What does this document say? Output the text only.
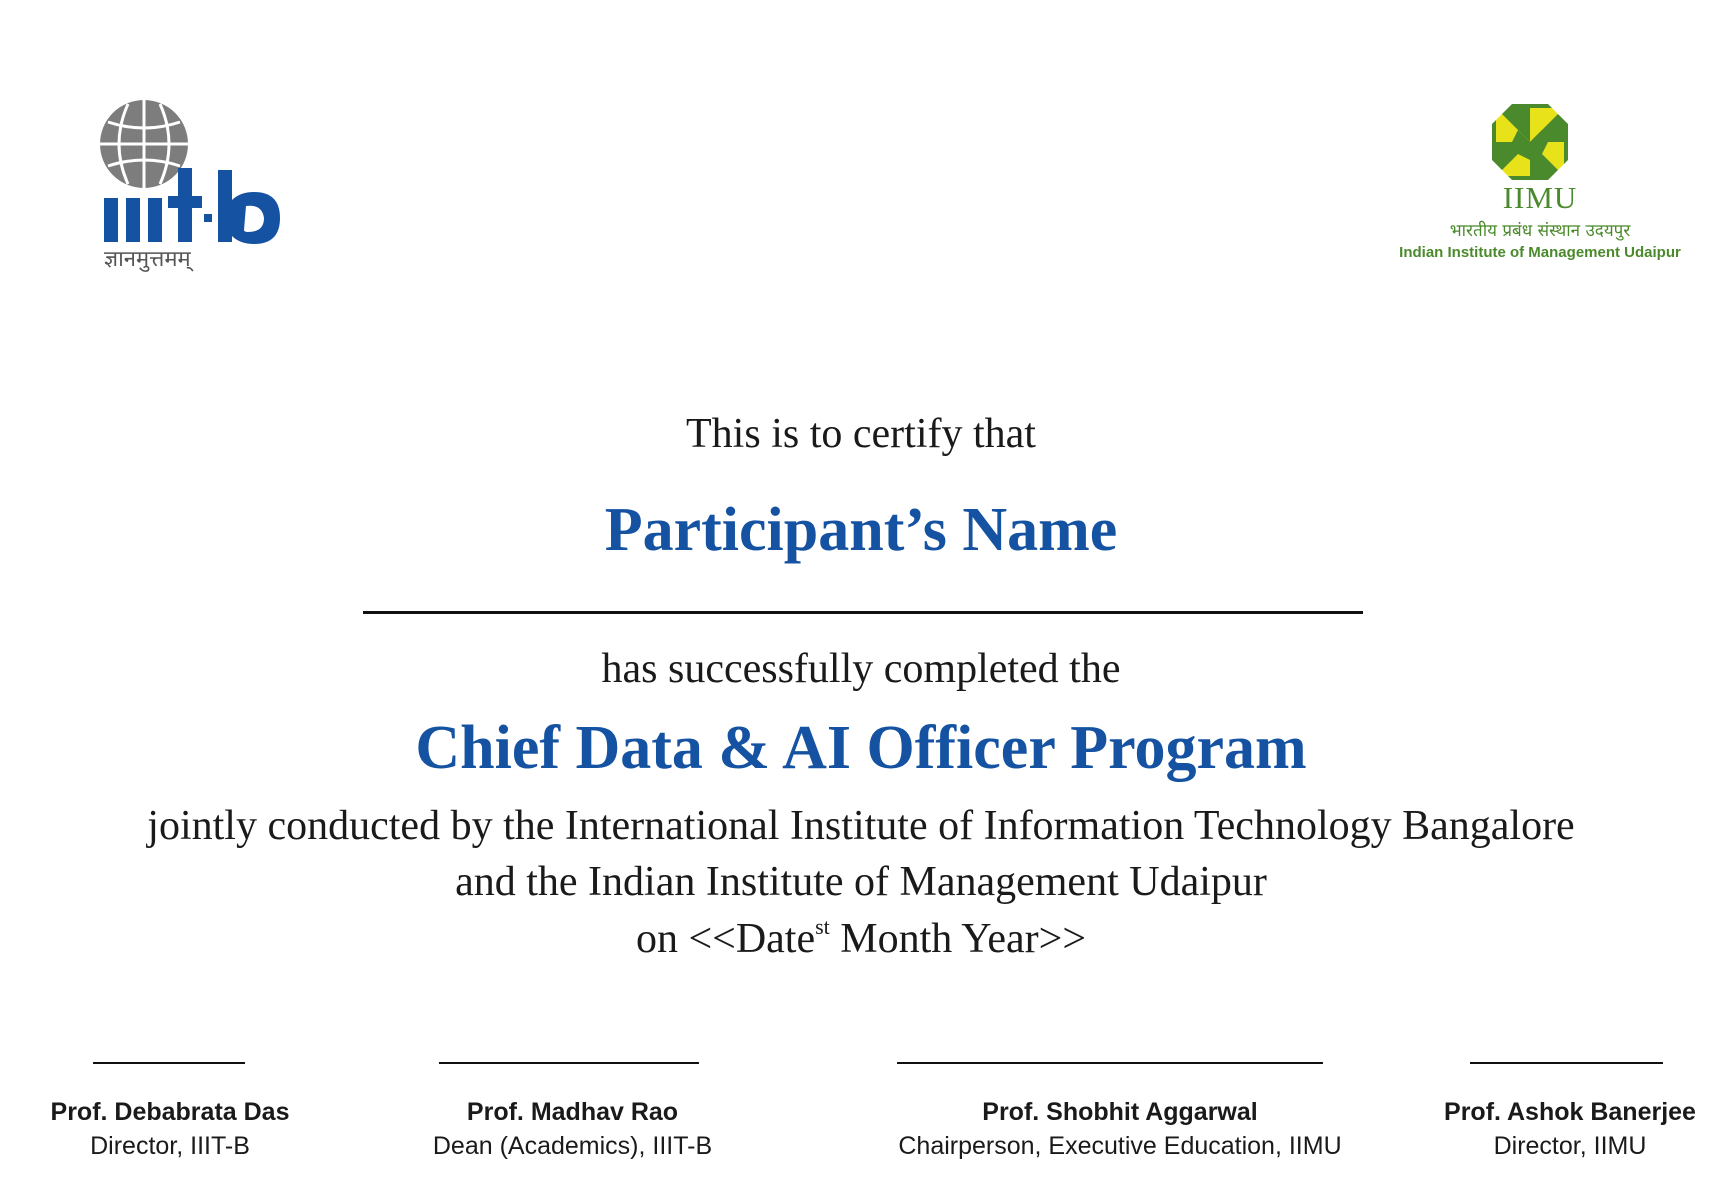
ज्ञानमुत्तमम्
IIMU
भारतीय प्रबंध संस्थान उदयपुर
Indian Institute of Management Udaipur
This is to certify that
Participant’s Name
has successfully completed the
Chief Data & AI Officer Program
jointly conducted by the International Institute of Information Technology Bangalore
and the Indian Institute of Management Udaipur
on <<Date$^{st}$ Month Year>>
Prof. Debabrata Das
Director, IIIT-B
Prof. Madhav Rao
Dean (Academics), IIIT-B
Prof. Shobhit Aggarwal
Chairperson, Executive Education, IIMU
Prof. Ashok Banerjee
Director, IIMU
